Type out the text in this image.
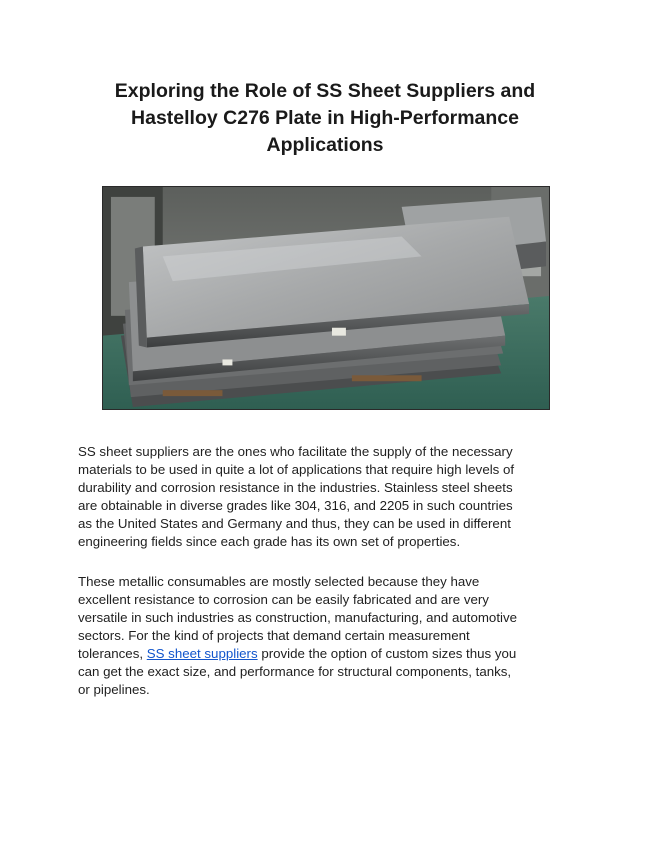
Exploring the Role of SS Sheet Suppliers and
Hastelloy C276 Plate in High-Performance
Applications

SS sheet suppliers are the ones who facilitate the supply of the necessary
materials to be used in quite a lot of applications that require high levels of
durability and corrosion resistance in the industries. Stainless steel sheets
are obtainable in diverse grades like 304, 316, and 2205 in such countries
as the United States and Germany and thus, they can be used in different
engineering fields since each grade has its own set of properties.

These metallic consumables are mostly selected because they have
excellent resistance to corrosion can be easily fabricated and are very
versatile in such industries as construction, manufacturing, and automotive
sectors. For the kind of projects that demand certain measurement
tolerances, SS sheet suppliers provide the option of custom sizes thus you
can get the exact size, and performance for structural components, tanks,
or pipelines.
